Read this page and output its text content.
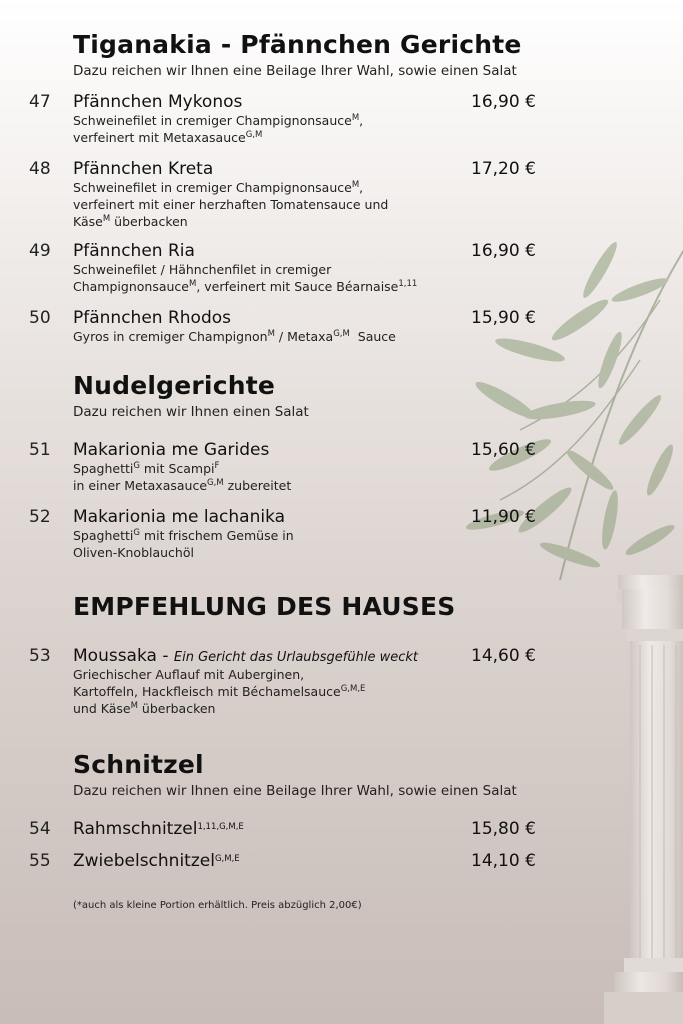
Tiganakia - Pfännchen Gerichte
Dazu reichen wir Ihnen eine Beilage Ihrer Wahl, sowie einen Salat
47 Pfännchen Mykonos	16,90 €
Schweinefilet in cremiger Champignonsauce$^M$,
verfeinert mit Metaxasauce$^{G,M}$
48 Pfännchen Kreta	17,20 €
Schweinefilet in cremiger Champignonsauce$^M$,
verfeinert mit einer herzhaften Tomatensauce und
Käse$^M$ überbacken
49 Pfännchen Ria	16,90 €
Schweinefilet / Hähnchenfilet in cremiger
Champignonsauce$^M$, verfeinert mit Sauce Béarnaise$^{1,11}$
50 Pfännchen Rhodos	15,90 €
Gyros in cremiger Champignon$^M$ / Metaxa$^{G,M}$  Sauce
Nudelgerichte
Dazu reichen wir Ihnen einen Salat
51 Makarionia me Garides	15,60 €
Spaghetti$^G$ mit Scampi$^F$
in einer Metaxasauce$^{G,M}$ zubereitet
52 Makarionia me lachanika	11,90 €
Spaghetti$^G$ mit frischem Gemüse in
Oliven-Knoblauchöl
EMPFEHLUNG DES HAUSES
53 Moussaka - Ein Gericht das Urlaubsgefühle weckt	14,60 €
Griechischer Auflauf mit Auberginen,
Kartoffeln, Hackfleisch mit Béchamelsauce$^{G,M,E}$
und Käse$^M$ überbacken
Schnitzel
Dazu reichen wir Ihnen eine Beilage Ihrer Wahl, sowie einen Salat
54 Rahmschnitzel$^{1,11,G,M,E}$	15,80 €
55 Zwiebelschnitzel$^{G,M,E}$	14,10 €
(*auch als kleine Portion erhältlich. Preis abzüglich 2,00€)
